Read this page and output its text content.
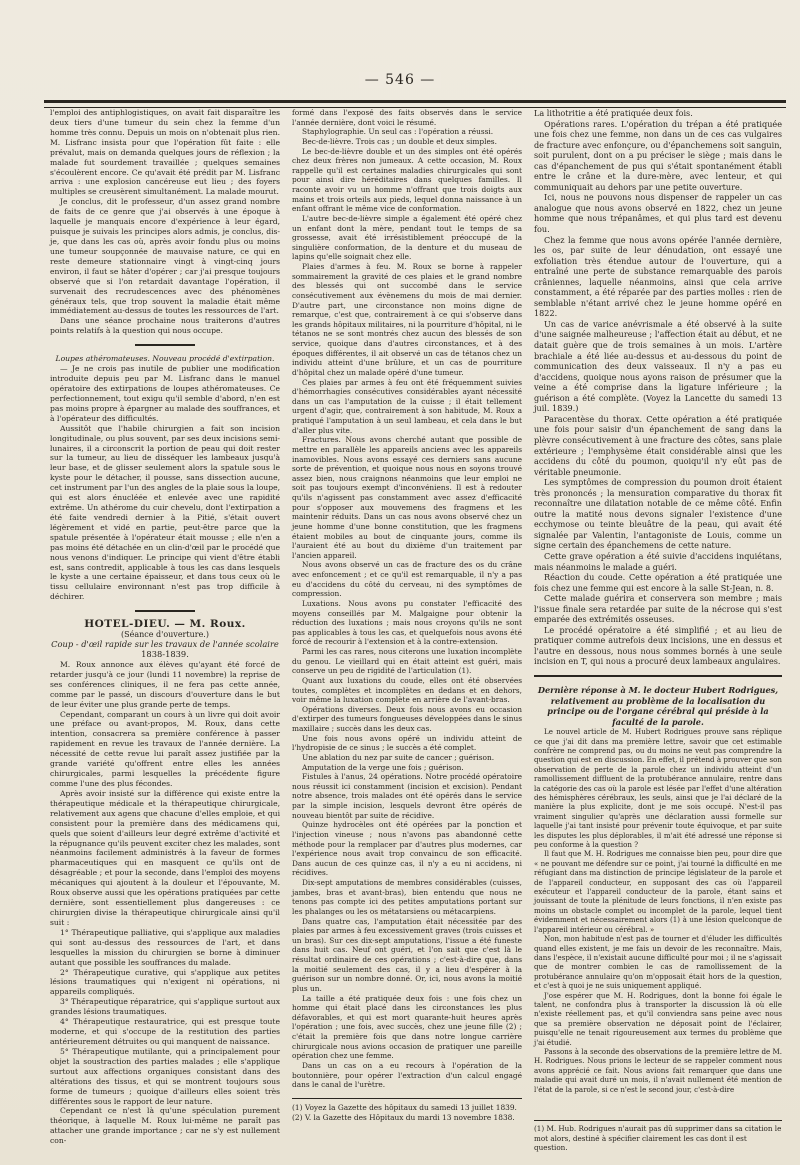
— 546 —

l'emploi des antiphlogistiques, on avait fait disparaître les deux tiers d'une tumeur du sein chez la femme d'un homme très connu. Depuis un mois on n'obtenait plus rien. M. Lisfranc insista pour que l'opération fût faite : elle prévalut, mais on demanda quelques jours de réflexion ; la malade fut sourdement travaillée ; quelques semaines s'écoulèrent encore. Ce qu'avait été prédit par M. Lisfranc arriva : une explosion cancéreuse eut lieu ; des foyers multiples se creusèrent simultanément. La malade mourut.

Je conclus, dit le professeur, d'un assez grand nombre de faits de ce genre que j'ai observés à une époque à laquelle je manquais encore d'expérience à leur égard, puisque je suivais les principes alors admis, je conclus, dis-je, que dans les cas où, après avoir fondu plus ou moins une tumeur soupçonnée de mauvaise nature, ce qui en reste demeure stationnaire vingt à vingt-cinq jours environ, il faut se hâter d'opérer ; car j'ai presque toujours observé que si l'on retardait davantage l'opération, il survenait des recrudescences avec des phénomènes généraux tels, que trop souvent la maladie était même immédiatement au-dessus de toutes les ressources de l'art.

Dans une séance prochaine nous traiterons d'autres points relatifs à la question qui nous occupe.

Loupes athéromateuses. Nouveau procédé d'extirpation.

— Je ne crois pas inutile de publier une modification introduite depuis peu par M. Lisfranc dans le manuel opératoire des extirpations de loupes athéromateuses. Ce perfectionnement, tout exigu qu'il semble d'abord, n'en est pas moins propre à épargner au malade des souffrances, et à l'opérateur des difficultés.

Aussitôt que l'habile chirurgien a fait son incision longitudinale, ou plus souvent, par ses deux incisions semi-lunaires, il a circonscrit la portion de peau qui doit rester sur la tumeur, au lieu de disséquer les lambeaux jusqu'à leur base, et de glisser seulement alors la spatule sous le kyste pour le détacher, il pousse, sans dissection aucune, cet instrument par l'un des angles de la plaie sous la loupe, qui est alors énucléée et enlevée avec une rapidité extrême. Un athérome du cuir chevelu, dont l'extirpation a été faite vendredi dernier à la Pitié, s'était ouvert légèrement et vidé en partie, peut-être parce que la spatule présentée à l'opérateur était mousse ; elle n'en a pas moins été détachée en un clin-d'œil par le procédé que nous venons d'indiquer. Le principe qui vient d'être établi est, sans contredit, applicable à tous les cas dans lesquels le kyste a une certaine épaisseur, et dans tous ceux où le tissu cellulaire environnant n'est pas trop difficile à déchirer.

HOTEL-DIEU. — M. Roux.

(Séance d'ouverture.)

Coup - d'œil rapide sur les travaux de l'année scolaire

1838-1839.

M. Roux annonce aux élèves qu'ayant été forcé de retarder jusqu'à ce jour (lundi 11 novembre) la reprise de ses conférences cliniques, il ne fera pas cette année, comme par le passé, un discours d'ouverture dans le but de leur éviter une plus grande perte de temps.

Cependant, comparant un cours à un livre qui doit avoir une préface ou avant-propos, M. Roux, dans cette intention, consacrera sa première conférence à passer rapidement en revue les travaux de l'année dernière. La nécessité de cette revue lui paraît assez justifiée par la grande variété qu'offrent entre elles les années chirurgicales, parmi lesquelles la précédente figure comme l'une des plus fécondes.

Après avoir insisté sur la différence qui existe entre la thérapeutique médicale et la thérapeutique chirurgicale, relativement aux agens que chacune d'elles emploie, et qui consistent pour la première dans des médicamens qui, quels que soient d'ailleurs leur degré extrême d'activité et la répugnance qu'ils peuvent exciter chez les malades, sont néanmoins facilement administrés à la faveur de formes pharmaceutiques qui en masquent ce qu'ils ont de désagréable ; et pour la seconde, dans l'emploi des moyens mécaniques qui ajoutent à la douleur et l'épouvante, M. Roux observe aussi que les opérations pratiquées par cette dernière, sont essentiellement plus dangereuses : ce chirurgien divise la thérapeutique chirurgicale ainsi qu'il suit :

1° Thérapeutique palliative, qui s'applique aux maladies qui sont au-dessus des ressources de l'art, et dans lesquelles la mission du chirurgien se borne à diminuer autant que possible les souffrances du malade.

2° Thérapeutique curative, qui s'applique aux petites lésions traumatiques qui n'exigent ni opérations, ni appareils compliqués.

3° Thérapeutique réparatrice, qui s'applique surtout aux grandes lésions traumatiques.

4° Thérapeutique restauratrice, qui est presque toute moderne, et qui s'occupe de la restitution des parties antérieurement détruites ou qui manquent de naissance.

5° Thérapeutique mutilante, qui a principalement pour objet la soustraction des parties malades ; elle s'applique surtout aux affections organiques consistant dans des altérations des tissus, et qui se montrent toujours sous forme de tumeurs ; quoique d'ailleurs elles soient très différentes sous le rapport de leur nature.

Cependant ce n'est là qu'une spéculation purement théorique, à laquelle M. Roux lui-même ne paraît pas attacher une grande importance ; car ne s'y est nullement con-

formé dans l'exposé des faits observés dans le service l'année dernière, dont voici le résumé.

Staphylographie. Un seul cas : l'opération a réussi.

Bec-de-lièvre. Trois cas ; un double et deux simples.

Le bec-de-lièvre double et un des simples ont été opérés chez deux frères non jumeaux. A cette occasion, M. Roux rappelle qu'il est certaines maladies chirurgicales qui sont pour ainsi dire héréditaires dans quelques familles. Il raconte avoir vu un homme n'offrant que trois doigts aux mains et trois orteils aux pieds, lequel donna naissance à un enfant offrant le même vice de conformation.

L'autre bec-de-lièvre simple a également été opéré chez un enfant dont la mère, pendant tout le temps de sa grossesse, avait été irrésistiblement préoccupé de la singulière conformation, de la denture et du museau de lapins qu'elle soignait chez elle.

Plaies d'armes à feu. M. Roux se borne à rappeler sommairement la gravité de ces plaies et le grand nombre des blessés qui ont succombé dans le service consécutivement aux évènemens du mois de mai dernier. D'autre part, une circonstance non moins digne de remarque, c'est que, contrairement à ce qui s'observe dans les grands hôpitaux militaires, ni la pourriture d'hôpital, ni le tétanos ne se sont montrés chez aucun des blessés de son service, quoique dans d'autres circonstances, et à des époques différentes, il ait observé un cas de tétanos chez un individu atteint d'une brûlure, et un cas de pourriture d'hôpital chez un malade opéré d'une tumeur.

Ces plaies par armes à feu ont été fréquemment suivies d'hémorrhagies consécutives considérables ayant nécessité dans un cas l'amputation de la cuisse ; il était tellement urgent d'agir, que, contrairement à son habitude, M. Roux a pratiqué l'amputation à un seul lambeau, et cela dans le but d'aller plus vite.

Fractures. Nous avons cherché autant que possible de mettre en parallèle les appareils anciens avec les appareils inamovibles. Nous avons essayé ces derniers sans aucune sorte de prévention, et quoique nous nous en soyons trouvé assez bien, nous craignons néanmoins que leur emploi ne soit pas toujours exempt d'inconvéniens. Il est à redouter qu'ils n'agissent pas constamment avec assez d'efficacité pour s'opposer aux mouvemens des fragmens et les maintenir réduits. Dans un cas nous avons observé chez un jeune homme d'une bonne constitution, que les fragmens étaient mobiles au bout de cinquante jours, comme ils l'auraient été au bout du dixième d'un traitement par l'ancien appareil.

Nous avons observé un cas de fracture des os du crâne avec enfoncement ; et ce qu'il est remarquable, il n'y a pas eu d'accidens du côté du cerveau, ni des symptômes de compression.

Luxations. Nous avons pu constater l'efficacité des moyens conseillés par M. Malgaigne pour obtenir la réduction des luxations ; mais nous croyons qu'ils ne sont pas applicables à tous les cas, et quelquefois nous avons été forcé de recourir à l'extension et à la contre-extension.

Parmi les cas rares, nous citerons une luxation incomplète du genou. Le vieillard qui en était atteint est guéri, mais conserve un peu de rigidité de l'articulation (1).

Quant aux luxations du coude, elles ont été observées toutes, complètes et incomplètes en dedans et en dehors, voir même la luxation complète en arrière de l'avant-bras.

Opérations diverses. Deux fois nous avons eu occasion d'extirper des tumeurs fongueuses développées dans le sinus maxillaire ; succès dans les deux cas.

Une fois nous avons opéré un individu atteint de l'hydropisie de ce sinus ; le succès a été complet.

Une ablation du nez par suite de cancer ; guérison.

Amputation de la verge une fois ; guérison.

Fistules à l'anus, 24 opérations. Notre procédé opératoire nous réussit ici constamment (incision et excision). Pendant notre absence, trois malades ont été opérés dans le service par la simple incision, lesquels devront être opérés de nouveau bientôt par suite de récidive.

Quinze hydrocèles ont été opérées par la ponction et l'injection vineuse ; nous n'avons pas abandonné cette méthode pour la remplacer par d'autres plus modernes, car l'expérience nous avait trop convaincu de son efficacité. Dans aucun de ces quinze cas, il n'y a eu ni accidens, ni récidives.

Dix-sept amputations de membres considérables (cuisses, jambes, bras et avant-bras), bien entendu que nous ne tenons pas compte ici des petites amputations portant sur les phalanges ou les os métatarsiens ou métacarpiens.

Dans quatre cas, l'amputation était nécessitée par des plaies par armes à feu excessivement graves (trois cuisses et un bras). Sur ces dix-sept amputations, l'issue a été funeste dans huit cas. Neuf ont guéri, et l'on sait que c'est là le résultat ordinaire de ces opérations ; c'est-à-dire que, dans la moitié seulement des cas, il y a lieu d'espérer à la guérison sur un nombre donné. Or, ici, nous avons la moitié plus un.

La taille a été pratiquée deux fois : une fois chez un homme qui était placé dans les circonstances les plus défavorables, et qui est mort quarante-huit heures après l'opération ; une fois, avec succès, chez une jeune fille (2) ; c'était la première fois que dans notre longue carrière chirurgicale nous avions occasion de pratiquer une pareille opération chez une femme.

Dans un cas on a eu recours à l'opération de la boutonnière, pour opérer l'extraction d'un calcul engagé dans le canal de l'urètre.

(1) Voyez la Gazette des hôpitaux du samedi 13 juillet 1839.

(2) V. la Gazette des Hôpitaux du mardi 13 novembre 1838.

La lithotritie a été pratiquée deux fois.

Opérations rares. L'opération du trépan a été pratiquée une fois chez une femme, non dans un de ces cas vulgaires de fracture avec enfonçure, ou d'épanchemens soit sanguin, soit purulent, dont on a pu préciser le siège ; mais dans le cas d'épanchement de pus qui s'était spontanément établi entre le crâne et la dure-mère, avec lenteur, et qui communiquait au dehors par une petite ouverture.

Ici, nous ne pouvons nous dispenser de rappeler un cas analogue que nous avons observé en 1822, chez un jeune homme que nous trépanâmes, et qui plus tard est devenu fou.

Chez la femme que nous avons opérée l'année dernière, les os, par suite de leur dénudation, ont essayé une exfoliation très étendue autour de l'ouverture, qui a entraîné une perte de substance remarquable des parois crâniennes, laquelle néanmoins, ainsi que cela arrive constamment, a été réparée par des parties molles : rien de semblable n'étant arrivé chez le jeune homme opéré en 1822.

Un cas de varice anévrismale a été observé à la suite d'une saignée malheureuse ; l'affection était au début, et ne datait guère que de trois semaines à un mois. L'artère brachiale a été liée au-dessus et au-dessous du point de communication des deux vaisseaux. Il n'y a pas eu d'accidens, quoique nous ayons raison de présumer que la veine a été comprise dans la ligature inférieure ; la guérison a été complète. (Voyez la Lancette du samedi 13 juil. 1839.)

Paracentèse du thorax. Cette opération a été pratiquée une fois pour saisir d'un épanchement de sang dans la plèvre consécutivement à une fracture des côtes, sans plaie extérieure ; l'emphysème était considérable ainsi que les accidens du côté du poumon, quoiqu'il n'y eût pas de véritable pneumonie.

Les symptômes de compression du poumon droit étaient très prononcés ; la mensuration comparative du thorax fit reconnaître une dilatation notable de ce même côté. Enfin outre la matité nous devons signaler l'existence d'une ecchymose ou teinte bleuâtre de la peau, qui avait été signalée par Valentin, l'antagoniste de Louis, comme un signe certain des épanchemens de cette nature.

Cette grave opération a été suivie d'accidens inquiétans, mais néanmoins le malade a guéri.

Réaction du coude. Cette opération a été pratiquée une fois chez une femme qui est encore à la salle St-Jean, n. 8.

Cette malade guérira et conservera son membre ; mais l'issue finale sera retardée par suite de la nécrose qui s'est emparée des extrémités osseuses.

Le procédé opératoire a été simplifié ; et au lieu de pratiquer comme autrefois deux incisions, une en dessus et l'autre en dessous, nous nous sommes bornés à une seule incision en T, qui nous a procuré deux lambeaux angulaires.

Dernière réponse à M. le docteur Hubert Rodrigues, relativement au problème de la localisation du principe ou de l'organe cérébral qui préside à la faculté de la parole.

Le nouvel article de M. Hubert Rodrigues prouve sans réplique ce que j'ai dit dans ma première lettre, savoir que cet estimable confrère ne comprend pas, ou du moins ne veut pas comprendre la question qui est en discussion. En effet, il prétend à prouver que son observation de perte de la parole chez un individu atteint d'un ramollissement diffluent de la protubérance annulaire, rentre dans la catégorie des cas où la parole est lésée par l'effet d'une altération des hémisphères cérébraux, les seuls, ainsi que je l'ai déclaré de la manière la plus explicite, dont je me sois occupé. N'est-il pas vraiment singulier qu'après une déclaration aussi formelle sur laquelle j'ai tant insisté pour prévenir toute équivoque, et par suite les disputes les plus déplorables, il m'ait été adressé une réponse si peu conforme à la question ?

Il faut que M. H. Rodrigues me connaisse bien peu, pour dire que « ne pouvant me défendre sur ce point, j'ai tourné la difficulté en me réfugiant dans ma distinction de principe législateur de la parole et de l'appareil conducteur, en supposant des cas où l'appareil exécuteur et l'appareil conducteur de la parole, étant sains et jouissant de toute la plénitude de leurs fonctions, il n'en existe pas moins un obstacle complet ou incomplet de la parole, lequel tient évidemment et nécessairement alors (1) à une lésion quelconque de l'appareil intérieur ou cérébral. »

Non, mon habitude n'est pas de tourner et d'éluder les difficultés quand elles existent, je me fais un devoir de les reconnaître. Mais, dans l'espèce, il n'existait aucune difficulté pour moi ; il ne s'agissait que de montrer combien le cas de ramollissement de la protubérance annulaire qu'on m'opposait était hors de la question, et c'est à quoi je ne suis uniquement appliqué.

J'ose espérer que M. H. Rodrigues, dont la bonne foi égale le talent, ne confondra plus à transporter la discussion là où elle n'existe réellement pas, et qu'il conviendra sans peine avec nous que sa première observation ne déposait point de l'éclairer, puisqu'elle ne tenait rigoureusement aux termes du problème que j'ai étudié.

Passons à la seconde des observations de la première lettre de M. H. Rodrigues. Nous prions le lecteur de se rappeler comment nous avons apprécié ce fait. Nous avions fait remarquer que dans une maladie qui avait duré un mois, il n'avait nullement été mention de l'état de la parole, si ce n'est le second jour, c'est-à-dire

(1) M. Hub. Rodrigues n'aurait pas dû supprimer dans sa citation le mot alors, destiné à spécifier clairement les cas dont il est question.
